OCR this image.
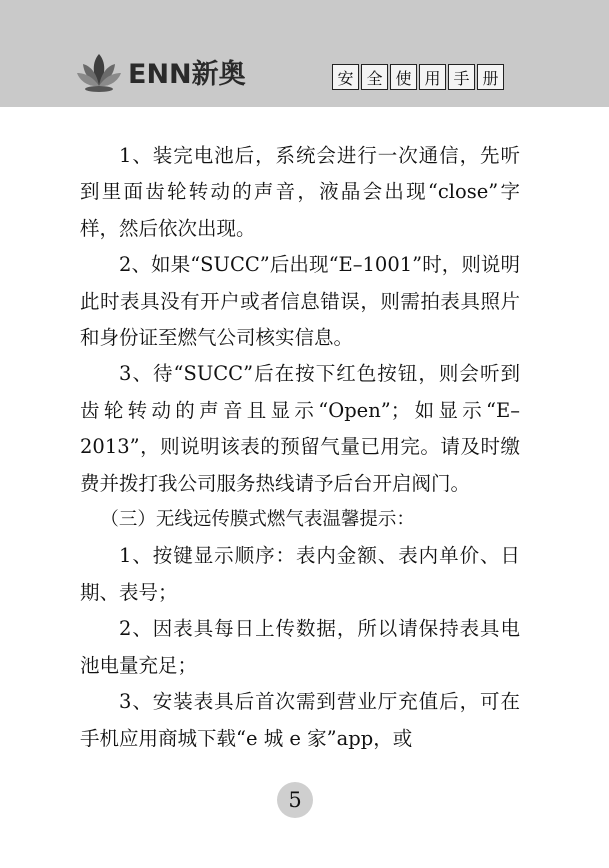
ENN新奥	安 全 使 用 手 册

1、装完电池后，系统会进行一次通信，先听到里面齿轮转动的声音，液晶会出现“close”字样，然后依次出现。

2、如果“SUCC”后出现“E–1001”时，则说明此时表具没有开户或者信息错误，则需拍表具照片和身份证至燃气公司核实信息。

3、待“SUCC”后在按下红色按钮，则会听到齿轮转动的声音且显示“Open”；如显示“E–2013”，则说明该表的预留气量已用完。请及时缴费并拨打我公司服务热线请予后台开启阀门。

（三）无线远传膜式燃气表温馨提示：

1、按键显示顺序：表内金额、表内单价、日期、表号；

2、因表具每日上传数据，所以请保持表具电池电量充足；

3、安装表具后首次需到营业厅充值后，可在手机应用商城下载“e 城 e 家”app，或

5
